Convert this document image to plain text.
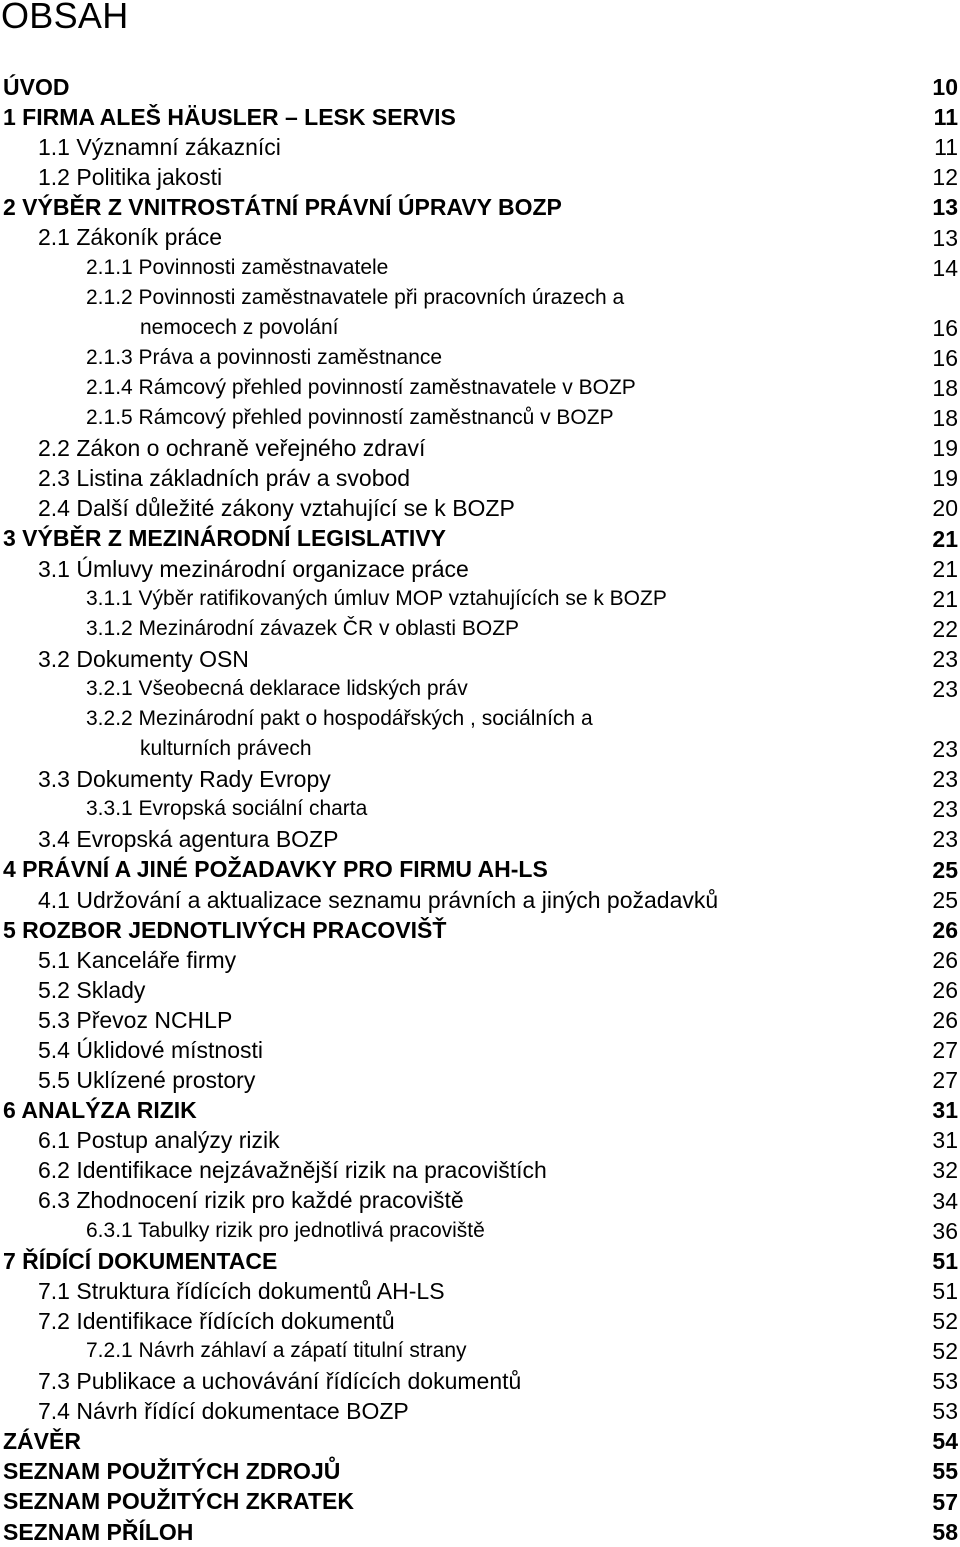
OBSAH
ÚVOD	10
1 FIRMA ALEŠ HÄUSLER – LESK SERVIS	11
1.1 Významní zákazníci	11
1.2 Politika jakosti	12
2 VÝBĚR Z VNITROSTÁTNÍ PRÁVNÍ ÚPRAVY BOZP	13
2.1 Zákoník práce	13
2.1.1 Povinnosti zaměstnavatele	14
2.1.2 Povinnosti zaměstnavatele při pracovních úrazech a
nemocech z povolání	16
2.1.3 Práva a povinnosti zaměstnance	16
2.1.4 Rámcový přehled povinností zaměstnavatele v BOZP	18
2.1.5 Rámcový přehled povinností zaměstnanců v BOZP	18
2.2 Zákon o ochraně veřejného zdraví	19
2.3 Listina základních práv a svobod	19
2.4 Další důležité zákony vztahující se k BOZP	20
3 VÝBĚR Z MEZINÁRODNÍ LEGISLATIVY	21
3.1 Úmluvy mezinárodní organizace práce	21
3.1.1 Výběr ratifikovaných úmluv MOP vztahujících se k BOZP	21
3.1.2 Mezinárodní závazek ČR v oblasti BOZP	22
3.2 Dokumenty OSN	23
3.2.1 Všeobecná deklarace lidských práv	23
3.2.2 Mezinárodní pakt o hospodářských , sociálních a
kulturních právech	23
3.3 Dokumenty Rady Evropy	23
3.3.1 Evropská sociální charta	23
3.4 Evropská agentura BOZP	23
4 PRÁVNÍ A JINÉ POŽADAVKY PRO FIRMU AH-LS	25
4.1 Udržování a aktualizace seznamu právních a jiných požadavků	25
5 ROZBOR JEDNOTLIVÝCH PRACOVIŠŤ	26
5.1 Kanceláře firmy	26
5.2 Sklady	26
5.3 Převoz NCHLP	26
5.4 Úklidové místnosti	27
5.5 Uklízené prostory	27
6 ANALÝZA RIZIK	31
6.1 Postup analýzy rizik	31
6.2 Identifikace nejzávažnější rizik na pracovištích	32
6.3 Zhodnocení rizik pro každé pracoviště	34
6.3.1 Tabulky rizik pro jednotlivá pracoviště	36
7 ŘÍDÍCÍ DOKUMENTACE	51
7.1 Struktura řídících dokumentů AH-LS	51
7.2 Identifikace řídících dokumentů	52
7.2.1 Návrh záhlaví a zápatí titulní strany	52
7.3 Publikace a uchovávání řídících dokumentů	53
7.4 Návrh řídící dokumentace BOZP	53
ZÁVĚR	54
SEZNAM POUŽITÝCH ZDROJŮ	55
SEZNAM POUŽITÝCH ZKRATEK	57
SEZNAM PŘÍLOH	58
